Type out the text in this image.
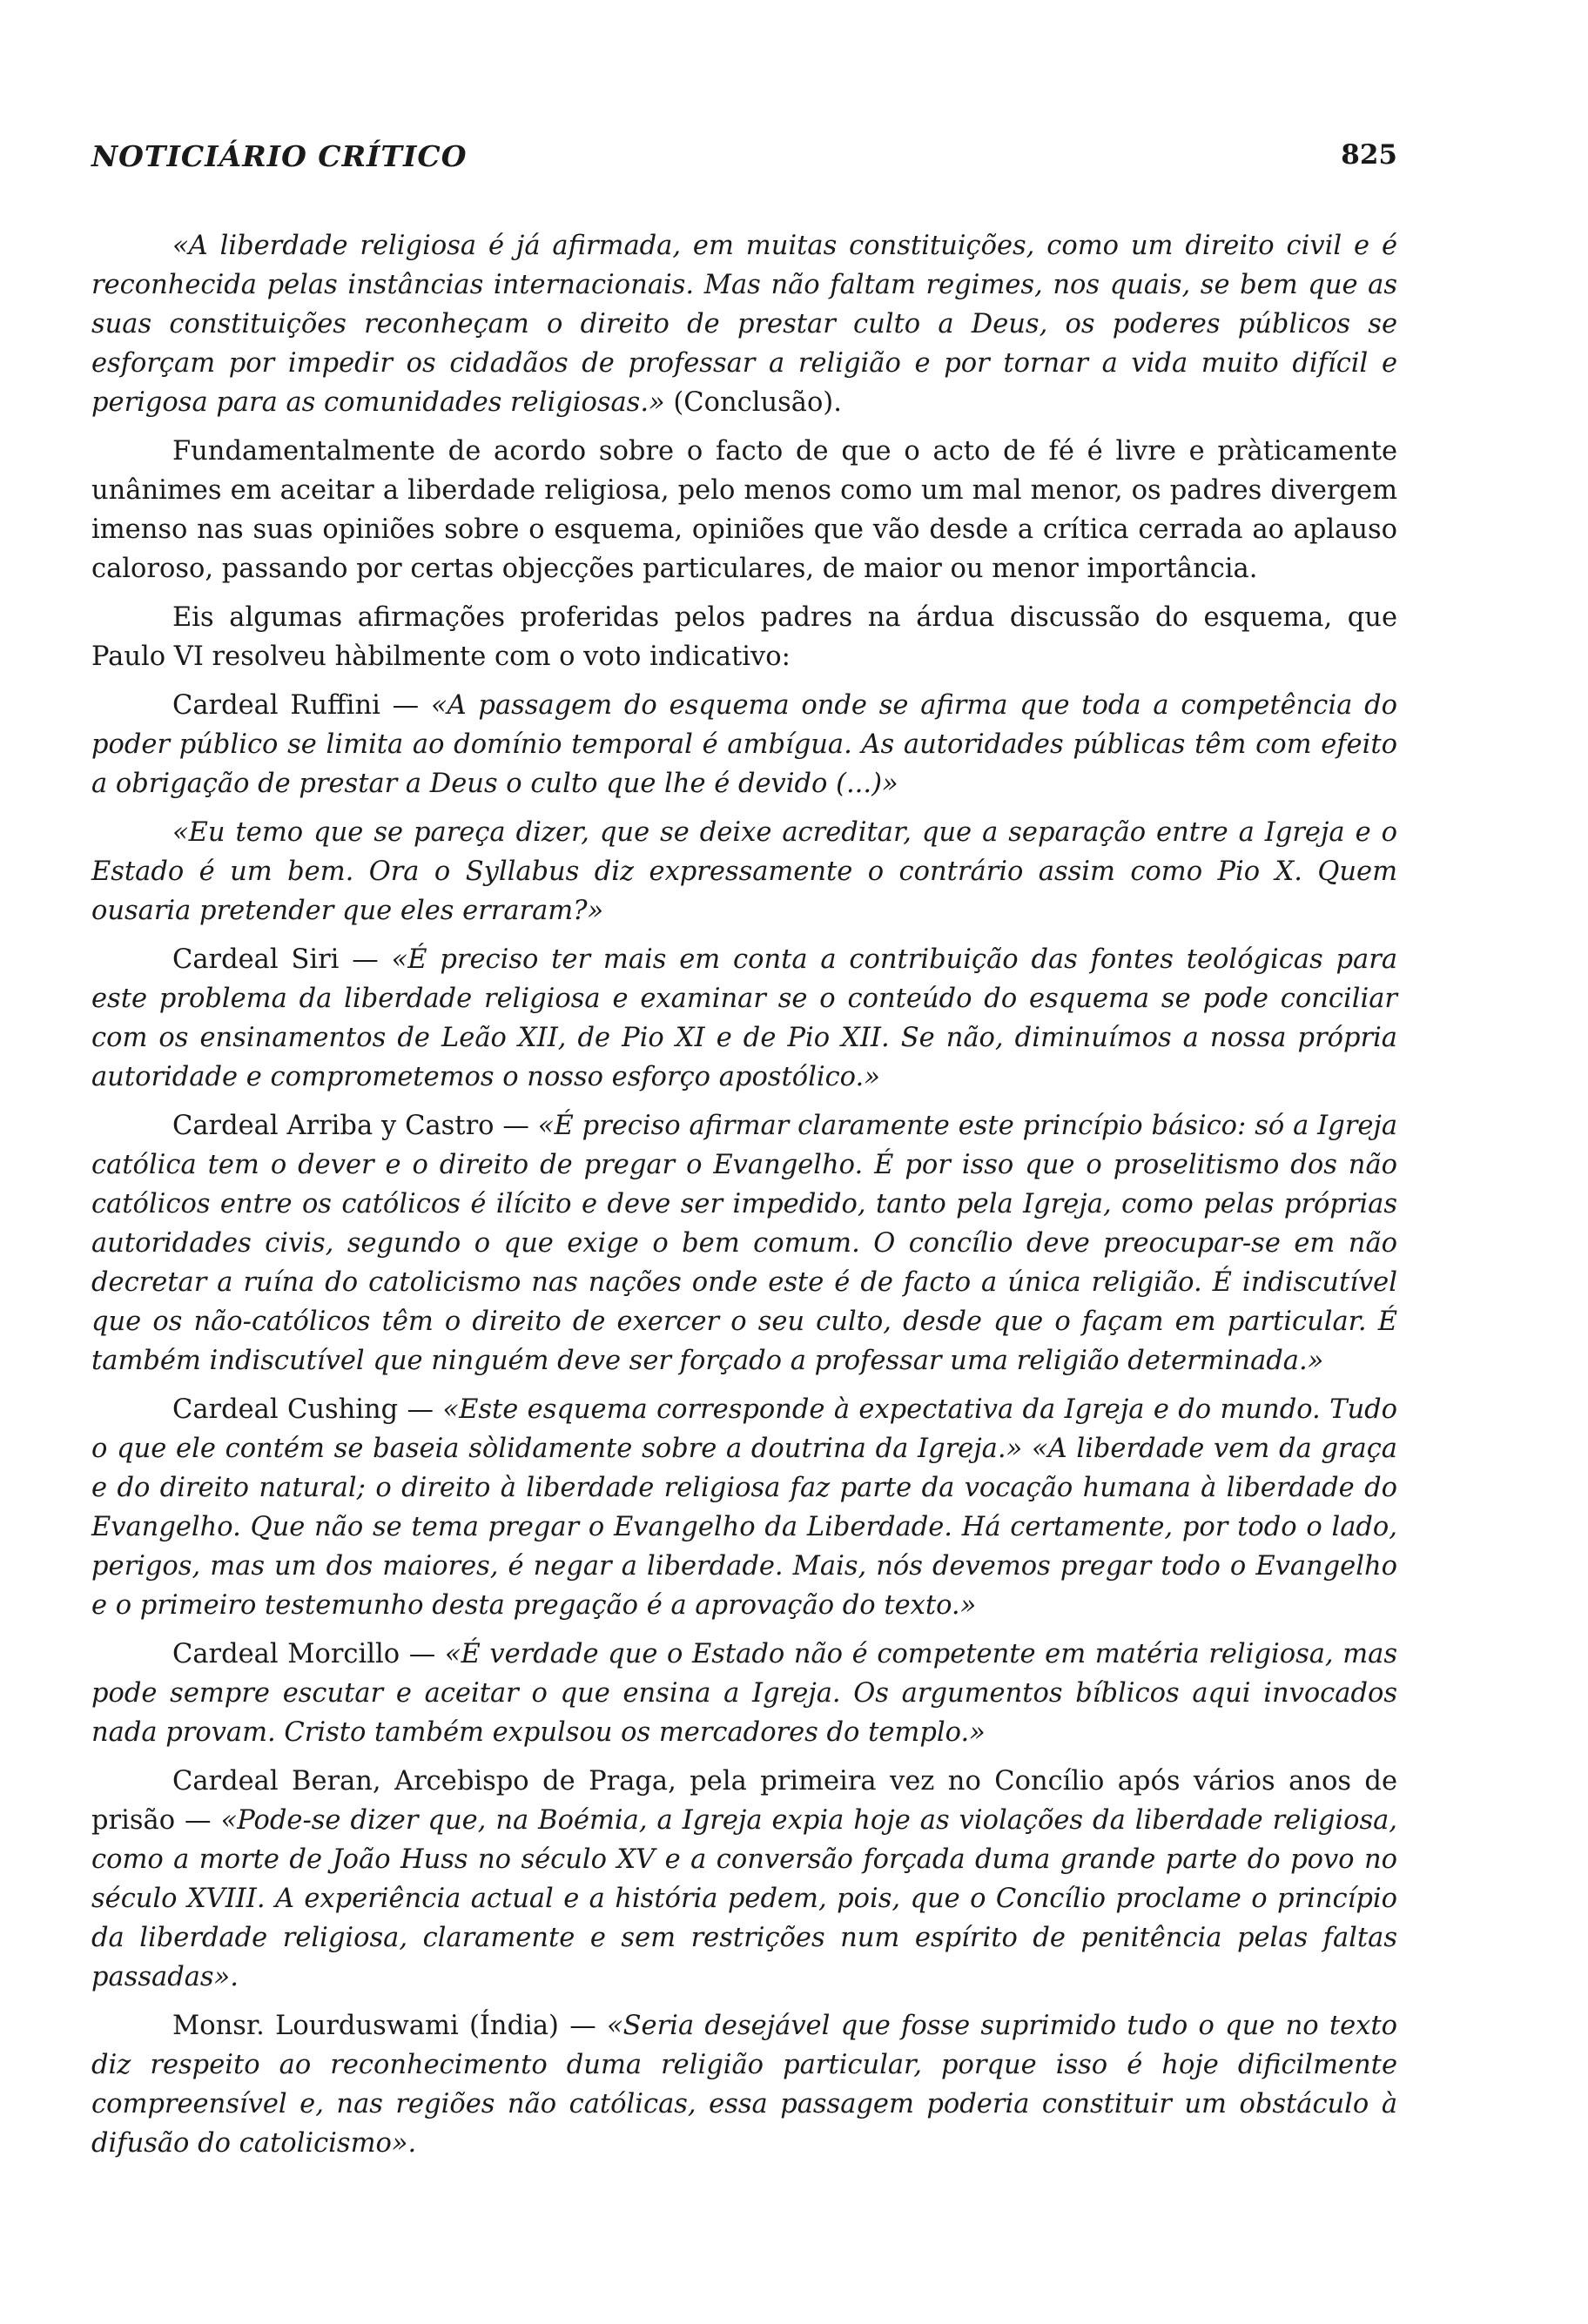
NOTICIÁRIO CRÍTICO	825

«A liberdade religiosa é já afirmada, em muitas constituições, como um direito civil e é reconhecida pelas instâncias internacionais. Mas não faltam regimes, nos quais, se bem que as suas constituições reconheçam o direito de prestar culto a Deus, os poderes públicos se esforçam por impedir os cidadãos de professar a religião e por tornar a vida muito difícil e perigosa para as comunidades religiosas.» (Conclusão).

Fundamentalmente de acordo sobre o facto de que o acto de fé é livre e pràticamente unânimes em aceitar a liberdade religiosa, pelo menos como um mal menor, os padres divergem imenso nas suas opiniões sobre o esquema, opiniões que vão desde a crítica cerrada ao aplauso caloroso, passando por certas objecções particulares, de maior ou menor importância.

Eis algumas afirmações proferidas pelos padres na árdua discussão do esquema, que Paulo VI resolveu hàbilmente com o voto indicativo:

Cardeal Ruffini — «A passagem do esquema onde se afirma que toda a competência do poder público se limita ao domínio temporal é ambígua. As autoridades públicas têm com efeito a obrigação de prestar a Deus o culto que lhe é devido (...)»

«Eu temo que se pareça dizer, que se deixe acreditar, que a separação entre a Igreja e o Estado é um bem. Ora o Syllabus diz expressamente o contrário assim como Pio X. Quem ousaria pretender que eles erraram?»

Cardeal Siri — «É preciso ter mais em conta a contribuição das fontes teológicas para este problema da liberdade religiosa e examinar se o conteúdo do esquema se pode conciliar com os ensinamentos de Leão XII, de Pio XI e de Pio XII. Se não, diminuímos a nossa própria autoridade e comprometemos o nosso esforço apostólico.»

Cardeal Arriba y Castro — «É preciso afirmar claramente este princípio básico: só a Igreja católica tem o dever e o direito de pregar o Evangelho. É por isso que o proselitismo dos não católicos entre os católicos é ilícito e deve ser impedido, tanto pela Igreja, como pelas próprias autoridades civis, segundo o que exige o bem comum. O concílio deve preocupar-se em não decretar a ruína do catolicismo nas nações onde este é de facto a única religião. É indiscutível que os não-católicos têm o direito de exercer o seu culto, desde que o façam em particular. É também indiscutível que ninguém deve ser forçado a professar uma religião determinada.»

Cardeal Cushing — «Este esquema corresponde à expectativa da Igreja e do mundo. Tudo o que ele contém se baseia sòlidamente sobre a doutrina da Igreja.» «A liberdade vem da graça e do direito natural; o direito à liberdade religiosa faz parte da vocação humana à liberdade do Evangelho. Que não se tema pregar o Evangelho da Liberdade. Há certamente, por todo o lado, perigos, mas um dos maiores, é negar a liberdade. Mais, nós devemos pregar todo o Evangelho e o primeiro testemunho desta pregação é a aprovação do texto.»

Cardeal Morcillo — «É verdade que o Estado não é competente em matéria religiosa, mas pode sempre escutar e aceitar o que ensina a Igreja. Os argumentos bíblicos aqui invocados nada provam. Cristo também expulsou os mercadores do templo.»

Cardeal Beran, Arcebispo de Praga, pela primeira vez no Concílio após vários anos de prisão — «Pode-se dizer que, na Boémia, a Igreja expia hoje as violações da liberdade religiosa, como a morte de João Huss no século XV e a conversão forçada duma grande parte do povo no século XVIII. A experiência actual e a história pedem, pois, que o Concílio proclame o princípio da liberdade religiosa, claramente e sem restrições num espírito de penitência pelas faltas passadas».

Monsr. Lourduswami (Índia) — «Seria desejável que fosse suprimido tudo o que no texto diz respeito ao reconhecimento duma religião particular, porque isso é hoje dificilmente compreensível e, nas regiões não católicas, essa passagem poderia constituir um obstáculo à difusão do catolicismo».
